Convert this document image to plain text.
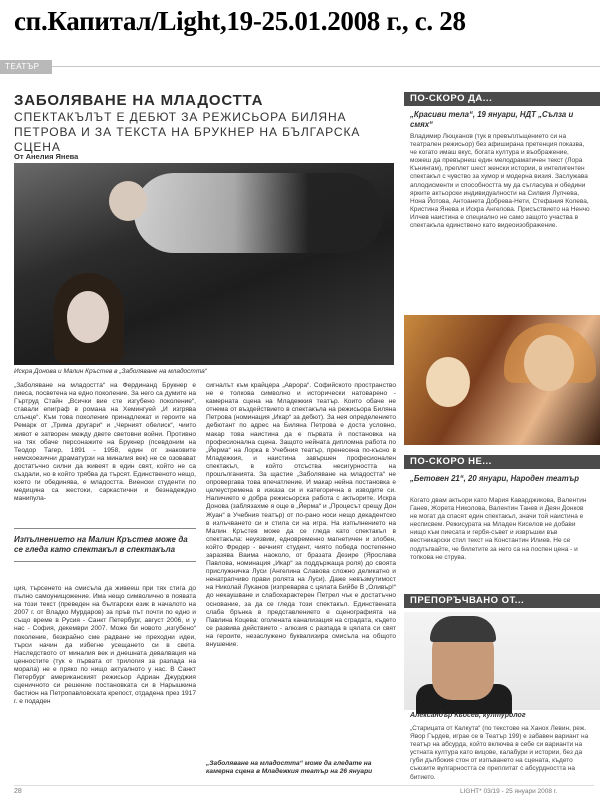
сп.Капитал/Light,19-25.01.2008 г., с. 28
ТЕАТЪР
ЗАБОЛЯВАНЕ НА МЛАДОСТТА
СПЕКТАКЪЛЪТ Е ДЕБЮТ ЗА РЕЖИСЬОРА БИЛЯНА ПЕТРОВА И ЗА ТЕКСТА НА БРУКНЕР НА БЪЛГАРСКА СЦЕНА
От Анелия Янева
© ивн домейн
Искра Донова и Малин Кръстев в „Заболяване на младостта“
„Заболяване на младостта“ на Фердинанд Брукнер е пиеса, посветена на едно поколение. За него са думите на Гъртруд Стайн „Всички вие сте изгубено поколение“, ставали епиграф в романа на Хемингуей „И изгрява слънце“. Към това поколение принадлежат и героите на Ремарк от „Трима другари“ и „Черният обелиск“, чиито живот е затворен между двете световни войни. Противно на тях обаче персонажите на Брукнер (псевдоним на Теодор Тагер, 1891 - 1958, един от знаковите немскоезични драматурзи на миналия век) не се озовават достатъчно силни да живеят в един свят, който не са създали, но в който трябва да търсят. Единственото нещо, което ги обединява, е младостта. Виенски студенти по медицина са жестоки, саркастични и безнадеждно манипула-
Изпълнението на Малин Кръстев може да се гледа като спектакъл в спектакъла
ция, търсенето на смисъла да живееш при тях стига до пълно самоунищожение. Има нещо символично в появата на този текст (преведен на български език в началото на 2007 г. от Владко Мурдаров) за пръв път почти по едно и също време в Русия - Санкт Петербург, август 2006, и у нас - София, декември 2007. Може би новото „изгубено“ поколение, безкрайно сме радване не преходни идеи, търси начин да избегне усещането си в света. Наследството от миналия век и днешната девалвация на ценностите (тук е първата от трилогия за разпада на морала) не е пряко по нищо актуалното у нас. В Санкт Петербург американският режисьор Адриан Джурджия сценичното си решение постановката си в Нарышкина бастион на Петропавловската крепост, отдадена през 1917 г. е подаден
сигналът към крайцера „Аврора“. Софийското пространство не е толкова символно и исторически натоварено - камерната сцена на Младежкия театър. Които обаче не отнема от въздействието в спектакъла на режисьора Биляна Петрова (номинация „Икар“ за дебют). За нея определението дебютант по адрес на Биляна Петрова е доста условно, макар това наистина да е първата ѝ постановка на професионална сцена. Защото нейната дипломна работа по „Йерма“ на Лорка в Учебния театър, пренесена по-късно в Младежкия, и наистина завършен професионален спектакъл, в който отсъства несигурността на прошълганията. За щастие „Заболяване на младостта“ не опровергава това впечатление. И макар нейна постановка е целеустремена в изказа си и категорична в изводите си. Наличието е добра режисьорска работа с актьорите. Искра Донова (заблязахме я още в „Йерма“ и „Процесът срещу Дон Жуан“ в Учебния театър) от по-рано носи нещо декадентско в излъчването си и стила си на игра. На изпълнението на Малин Кръстев може да се гледа като спектакъл в спектакъла: неуязвим, едновременно магнетичен и злобен, който Фредер - вечният студент, чиято победа постепенно заразява Ваима наоколо, от бразата Дезире (Ярослава Павлова, номинация „Икар“ за поддържаща роля) до своята прислужничка Луси (Ангелина Славова сложно деликатно и ненатрапчиво прави ролята на Луси). Даже невъзмутимост на Николай Луканов (изпреварва с цялата Бийбе В „Оливър!“ до некаушване и слабохарактерен Петрел чък е достатъчно основание, за да се гледа този спектакъл. Единствената слаба брънка в представлението е сценографията на Павлина Коцева: оголената канализация на сградата, където се развива действието - алюзия с разпада в цялата си свят на героите, незаслужено буквализира смисъла на общото внушение.
„Заболяване на младостта“ може да гледате на камерна сцена в Младежкия театър на 26 януари
ПО-СКОРО ДА...
„Красиви тела“, 19 януари, НДТ „Сълза и смях“
Владимир Люцканов (тук в превъплъщението си на театрален режисьор) без афиширана претенция показва, че когато имаш вкус, богата култура и въображение, можеш да превърнеш един мелодраматичен текст (Лора Кънингам), преплет шест женски истории, в интелигентен спектакъл с чувство за хумор и модерна визия. Заслужава аплодисменти и способността му да съгласува и обедини ярките актьорски индивидуалности на Силвия Лулчева, Нона Йотова, Антоанета Добрева-Нети, Стефания Колева, Кристина Янева и Искра Ангелова. Присъствието на Ненчо Илчев наистина е специално не само защото участва в спектакъла единствено като видеоизображение.
ПО-СКОРО НЕ...
„Бетовен 21“, 20 януари, Народен театър
Когато двам актьори като Мария Каварджикова, Валентин Ганев, Жорета Николова, Валентин Танев и Деян Донков не могат да спасят един спектакъл, значи той наистина е несписвем. Режисурата на Младен Киселов не добави нищо към пиесата и гербя-съвет и извръшки във вестникарски стил текст на Константин Илиев. Не се подлъгвайте, че билетите за него са на поспен цена - и топкова не струва.
ПРЕПОРЪЧВАНО ОТ...
Александър Кьосев, културолог
„Старицата от Калкута“ (по текстове на Ханох Левин, реж. Явор Гърдев, играе се в Театър 199) е забавен вариант на театър на абсурда, който включва в себе си варианти на устната култура като вицове, калабури и истории, без да губи дълбокия стон от изпъването на сцената, където съюзите вулгарността се преплитат с абсурдността на битието.
28	LIGHT* 03/19 - 25 януари 2008 г.
